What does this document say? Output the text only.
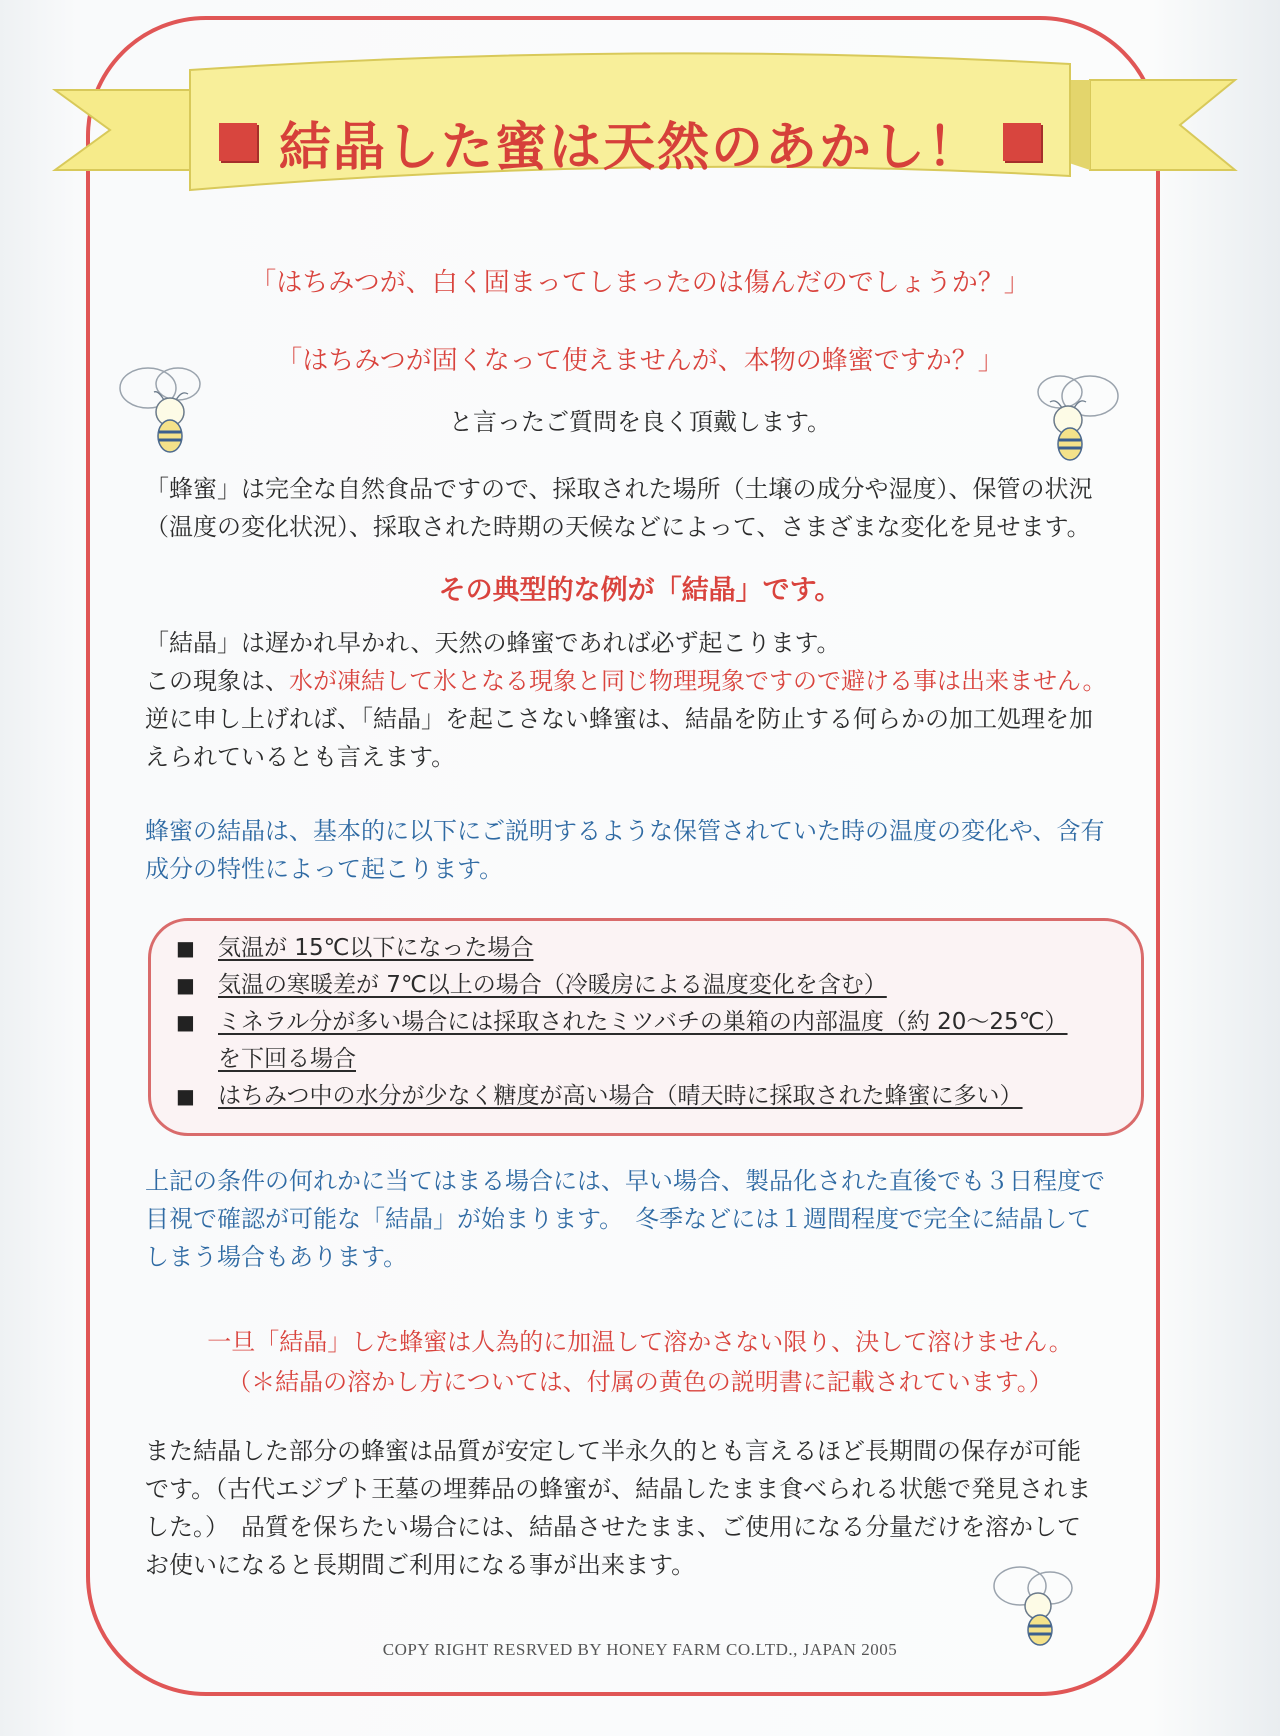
結晶した蜜は天然のあかし！
「はちみつが、白く固まってしまったのは傷んだのでしょうか？」
「はちみつが固くなって使えませんが、本物の蜂蜜ですか？」
と言ったご質問を良く頂戴します。
「蜂蜜」は完全な自然食品ですので、採取された場所（土壌の成分や湿度）、保管の状況
（温度の変化状況）、採取された時期の天候などによって、さまざまな変化を見せます。
その典型的な例が「結晶」です。
「結晶」は遅かれ早かれ、天然の蜂蜜であれば必ず起こります。
この現象は、水が凍結して氷となる現象と同じ物理現象ですので避ける事は出来ません。
逆に申し上げれば、「結晶」を起こさない蜂蜜は、結晶を防止する何らかの加工処理を加
えられているとも言えます。
蜂蜜の結晶は、基本的に以下にご説明するような保管されていた時の温度の変化や、含有
成分の特性によって起こります。
■	気温が 15℃以下になった場合
■	気温の寒暖差が 7℃以上の場合（冷暖房による温度変化を含む）
■	ミネラル分が多い場合には採取されたミツバチの巣箱の内部温度（約 20～25℃）
を下回る場合
■	はちみつ中の水分が少なく糖度が高い場合（晴天時に採取された蜂蜜に多い）
上記の条件の何れかに当てはまる場合には、早い場合、製品化された直後でも３日程度で
目視で確認が可能な「結晶」が始まります。　冬季などには１週間程度で完全に結晶して
しまう場合もあります。
一旦「結晶」した蜂蜜は人為的に加温して溶かさない限り、決して溶けません。
（＊結晶の溶かし方については、付属の黄色の説明書に記載されています。）
また結晶した部分の蜂蜜は品質が安定して半永久的とも言えるほど長期間の保存が可能
です。（古代エジプト王墓の埋葬品の蜂蜜が、結晶したまま食べられる状態で発見されま
した。）　品質を保ちたい場合には、結晶させたまま、ご使用になる分量だけを溶かして
お使いになると長期間ご利用になる事が出来ます。
COPY RIGHT RESRVED BY HONEY FARM CO.LTD., JAPAN 2005
